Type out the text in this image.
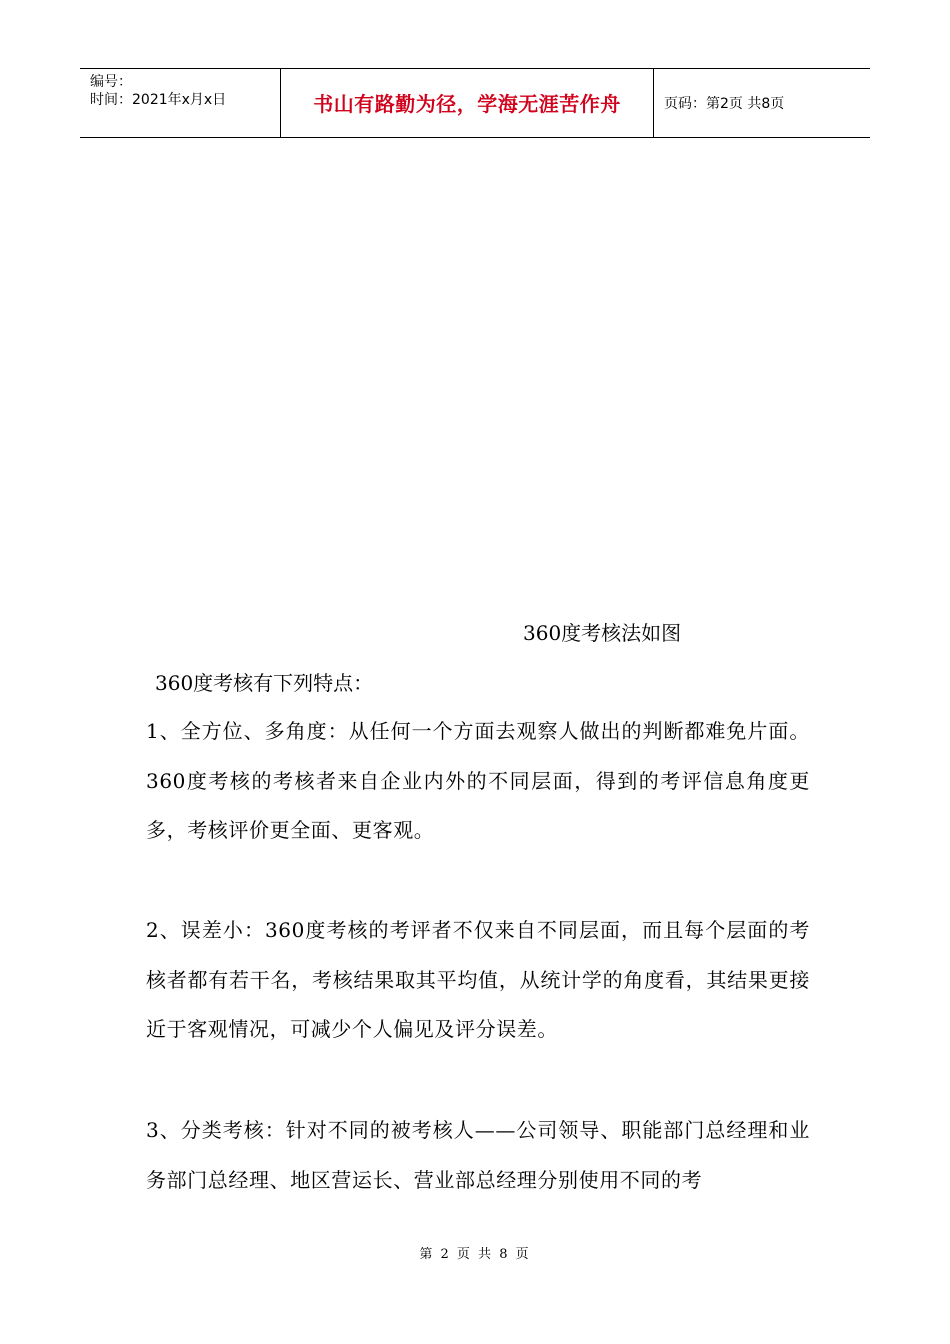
编号：
时间：2021年x月x日	书山有路勤为径，学海无涯苦作舟	页码：第2页 共8页
360度考核法如图
360度考核有下列特点：
1、全方位、多角度：从任何一个方面去观察人做出的判断都难免片面。360度考核的考核者来自企业内外的不同层面，得到的考评信息角度更多，考核评价更全面、更客观。
2、误差小：360度考核的考评者不仅来自不同层面，而且每个层面的考核者都有若干名，考核结果取其平均值，从统计学的角度看，其结果更接近于客观情况，可减少个人偏见及评分误差。
3、分类考核：针对不同的被考核人——公司领导、职能部门总经理和业务部门总经理、地区营运长、营业部总经理分别使用不同的考
第 2 页 共 8 页
